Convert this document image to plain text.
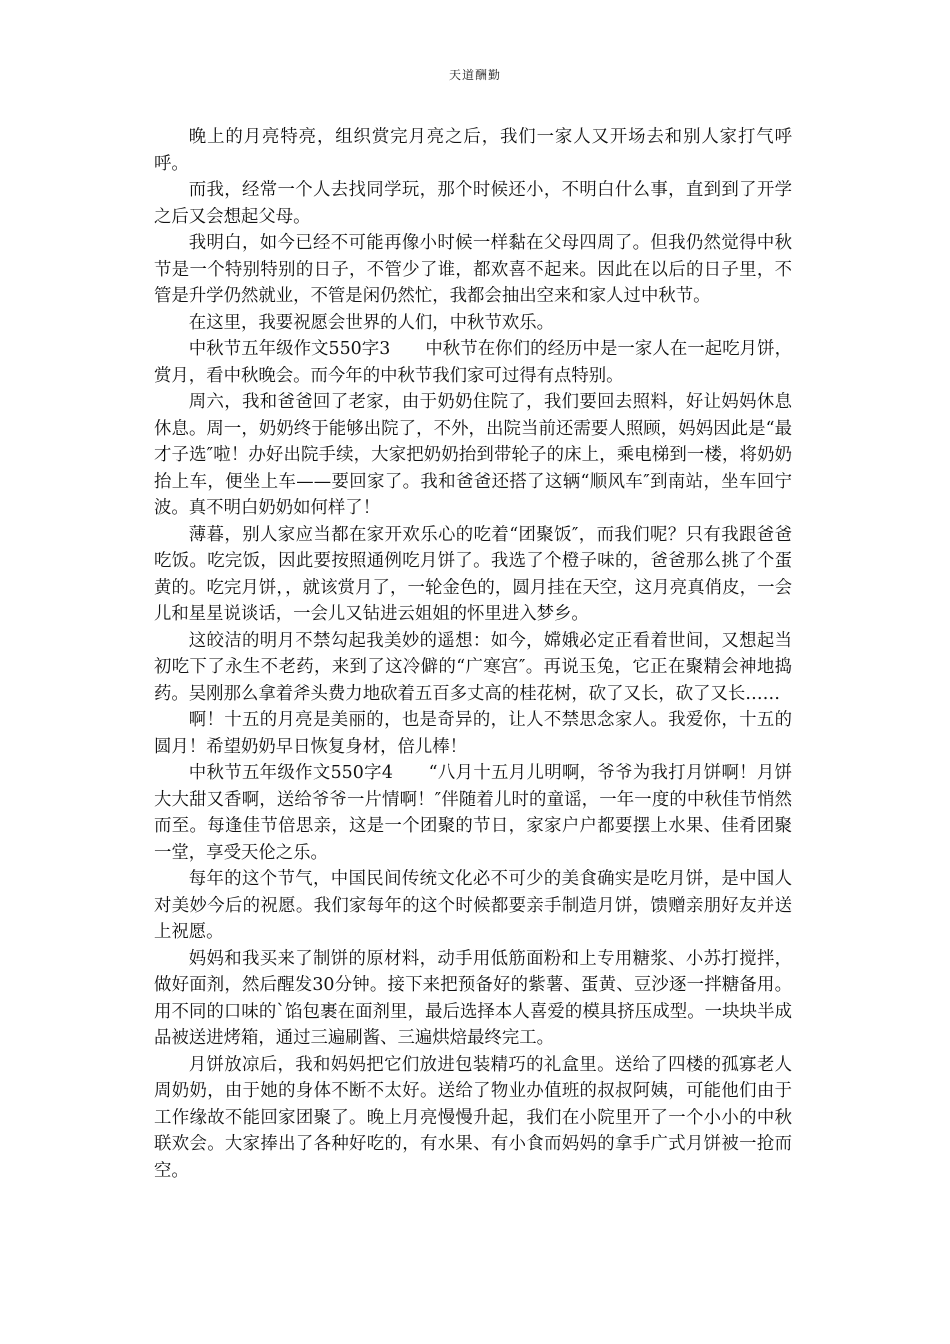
天道酬勤

晚上的月亮特亮，组织赏完月亮之后，我们一家人又开场去和别人家打气呼呼。

而我，经常一个人去找同学玩，那个时候还小，不明白什么事，直到到了开学之后又会想起父母。

我明白，如今已经不可能再像小时候一样黏在父母四周了。但我仍然觉得中秋节是一个特别特别的日子，不管少了谁，都欢喜不起来。因此在以后的日子里，不管是升学仍然就业，不管是闲仍然忙，我都会抽出空来和家人过中秋节。

在这里，我要祝愿会世界的人们，中秋节欢乐。

中秋节五年级作文550字3　　中秋节在你们的经历中是一家人在一起吃月饼，赏月，看中秋晚会。而今年的中秋节我们家可过得有点特别。

周六，我和爸爸回了老家，由于奶奶住院了，我们要回去照料，好让妈妈休息休息。周一，奶奶终于能够出院了，不外，出院当前还需要人照顾，妈妈因此是“最才子选″啦！办好出院手续，大家把奶奶抬到带轮子的床上，乘电梯到一楼，将奶奶抬上车，便坐上车——要回家了。我和爸爸还搭了这辆“顺风车″到南站，坐车回宁波。真不明白奶奶如何样了！

薄暮，别人家应当都在家开欢乐心的吃着“团聚饭″，而我们呢？只有我跟爸爸吃饭。吃完饭，因此要按照通例吃月饼了。我选了个橙子味的，爸爸那么挑了个蛋黄的。吃完月饼，，就该赏月了，一轮金色的，圆月挂在天空，这月亮真俏皮，一会儿和星星说谈话，一会儿又钻进云姐姐的怀里进入梦乡。

这皎洁的明月不禁勾起我美妙的遥想：如今，嫦娥必定正看着世间，又想起当初吃下了永生不老药，来到了这冷僻的“广寒宫″。再说玉兔，它正在聚精会神地捣药。吴刚那么拿着斧头费力地砍着五百多丈高的桂花树，砍了又长，砍了又长……

啊！十五的月亮是美丽的，也是奇异的，让人不禁思念家人。我爱你，十五的圆月！希望奶奶早日恢复身材，倍儿棒！

中秋节五年级作文550字4　　“八月十五月儿明啊，爷爷为我打月饼啊！月饼大大甜又香啊，送给爷爷一片情啊！″伴随着儿时的童谣，一年一度的中秋佳节悄然而至。每逢佳节倍思亲，这是一个团聚的节日，家家户户都要摆上水果、佳肴团聚一堂，享受天伦之乐。

每年的这个节气，中国民间传统文化必不可少的美食确实是吃月饼，是中国人对美妙今后的祝愿。我们家每年的这个时候都要亲手制造月饼，馈赠亲朋好友并送上祝愿。

妈妈和我买来了制饼的原材料，动手用低筋面粉和上专用糖浆、小苏打搅拌，做好面剂，然后醒发30分钟。接下来把预备好的紫薯、蛋黄、豆沙逐一拌糖备用。用不同的口味的`馅包裹在面剂里，最后选择本人喜爱的模具挤压成型。一块块半成品被送进烤箱，通过三遍刷酱、三遍烘焙最终完工。

月饼放凉后，我和妈妈把它们放进包装精巧的礼盒里。送给了四楼的孤寡老人周奶奶，由于她的身体不断不太好。送给了物业办值班的叔叔阿姨，可能他们由于工作缘故不能回家团聚了。晚上月亮慢慢升起，我们在小院里开了一个小小的中秋联欢会。大家捧出了各种好吃的，有水果、有小食而妈妈的拿手广式月饼被一抢而空。
